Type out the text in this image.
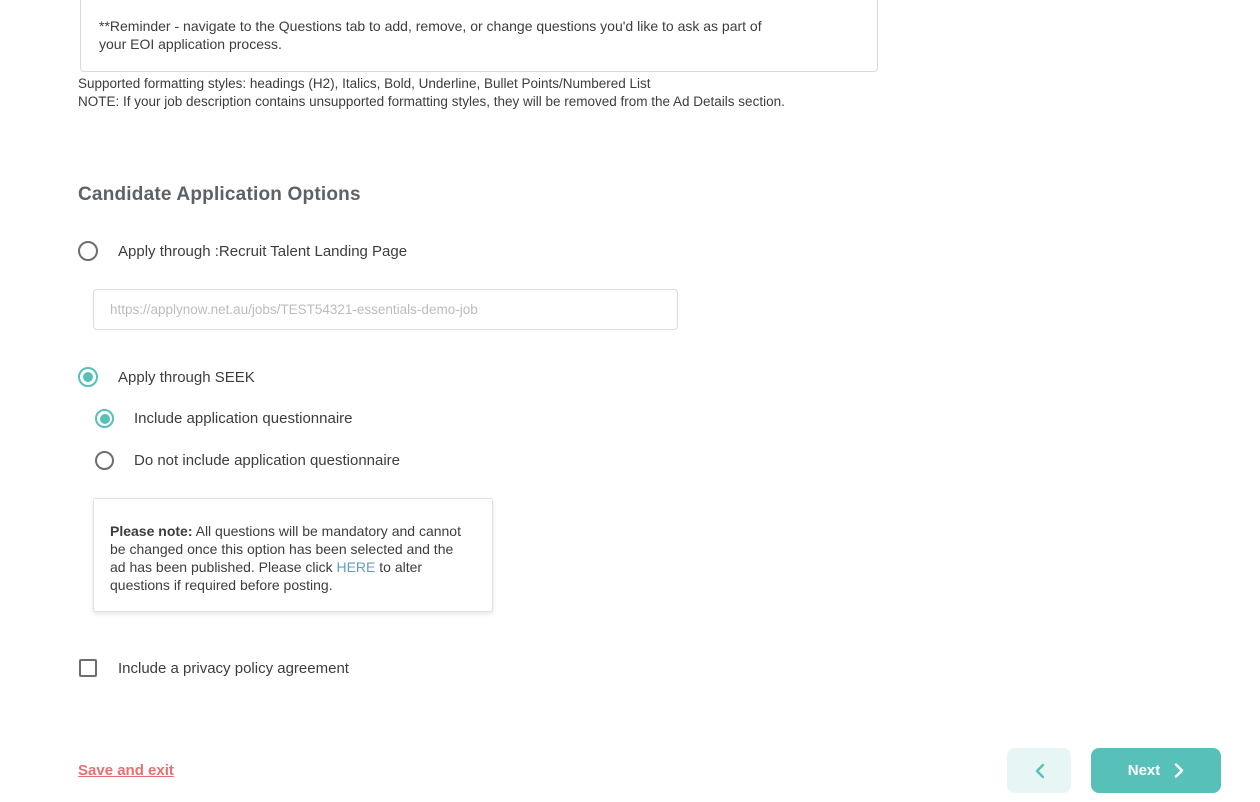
**Reminder - navigate to the Questions tab to add, remove, or change questions you'd like to ask as part of your EOI application process.

Supported formatting styles: headings (H2), Italics, Bold, Underline, Bullet Points/Numbered List
NOTE: If your job description contains unsupported formatting styles, they will be removed from the Ad Details section.
Candidate Application Options
Apply through :Recruit Talent Landing Page
https://applynow.net.au/jobs/TEST54321-essentials-demo-job
Apply through SEEK
Include application questionnaire
Do not include application questionnaire

Please note: All questions will be mandatory and cannot be changed once this option has been selected and the ad has been published. Please click HERE to alter questions if required before posting.

Include a privacy policy agreement
Save and exit	Next
